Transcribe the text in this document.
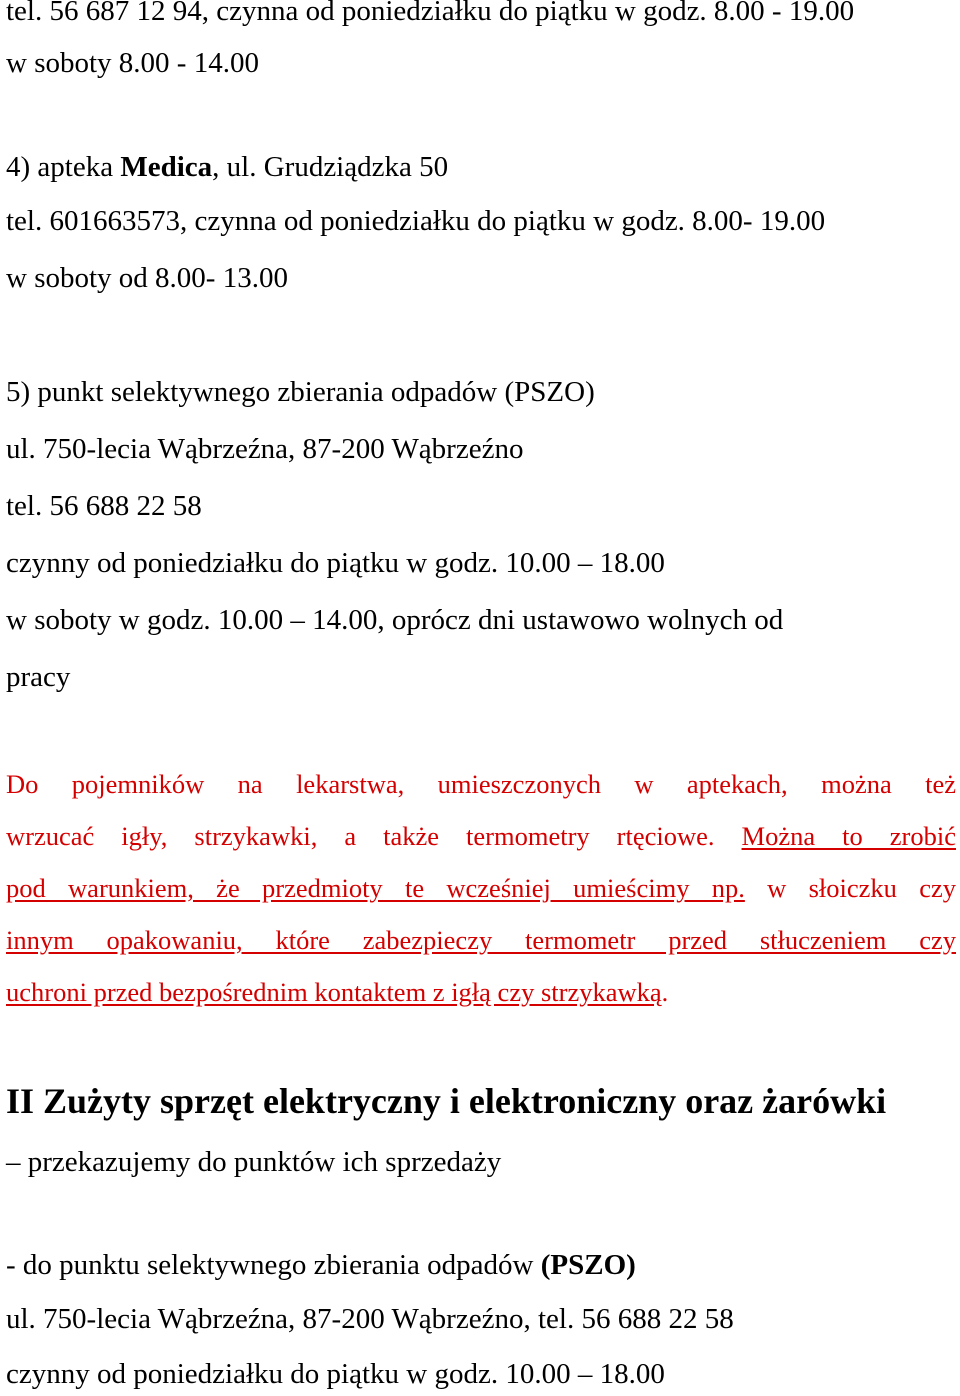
tel. 56 687 12 94, czynna od poniedziałku do piątku w godz. 8.00 - 19.00

w soboty 8.00 - 14.00

4) apteka Medica, ul. Grudziądzka 50

tel. 601663573, czynna od poniedziałku do piątku w godz. 8.00- 19.00

w soboty od 8.00- 13.00

5) punkt selektywnego zbierania odpadów (PSZO)

ul. 750-lecia Wąbrzeźna, 87-200 Wąbrzeźno

tel. 56 688 22 58

czynny od poniedziałku do piątku w godz. 10.00 – 18.00

w soboty w godz. 10.00 – 14.00, oprócz dni ustawowo wolnych od

pracy

Do pojemników na lekarstwa, umieszczonych w aptekach, można też

wrzucać igły, strzykawki, a także termometry rtęciowe. Można to zrobić

pod warunkiem, że przedmioty te wcześniej umieścimy np. w słoiczku czy

innym opakowaniu, które zabezpieczy termometr przed stłuczeniem czy

uchroni przed bezpośrednim kontaktem z igłą czy strzykawką.

II Zużyty sprzęt elektryczny i elektroniczny oraz żarówki

– przekazujemy do punktów ich sprzedaży

- do punktu selektywnego zbierania odpadów (PSZO)

ul. 750-lecia Wąbrzeźna, 87-200 Wąbrzeźno, tel. 56 688 22 58

czynny od poniedziałku do piątku w godz. 10.00 – 18.00
